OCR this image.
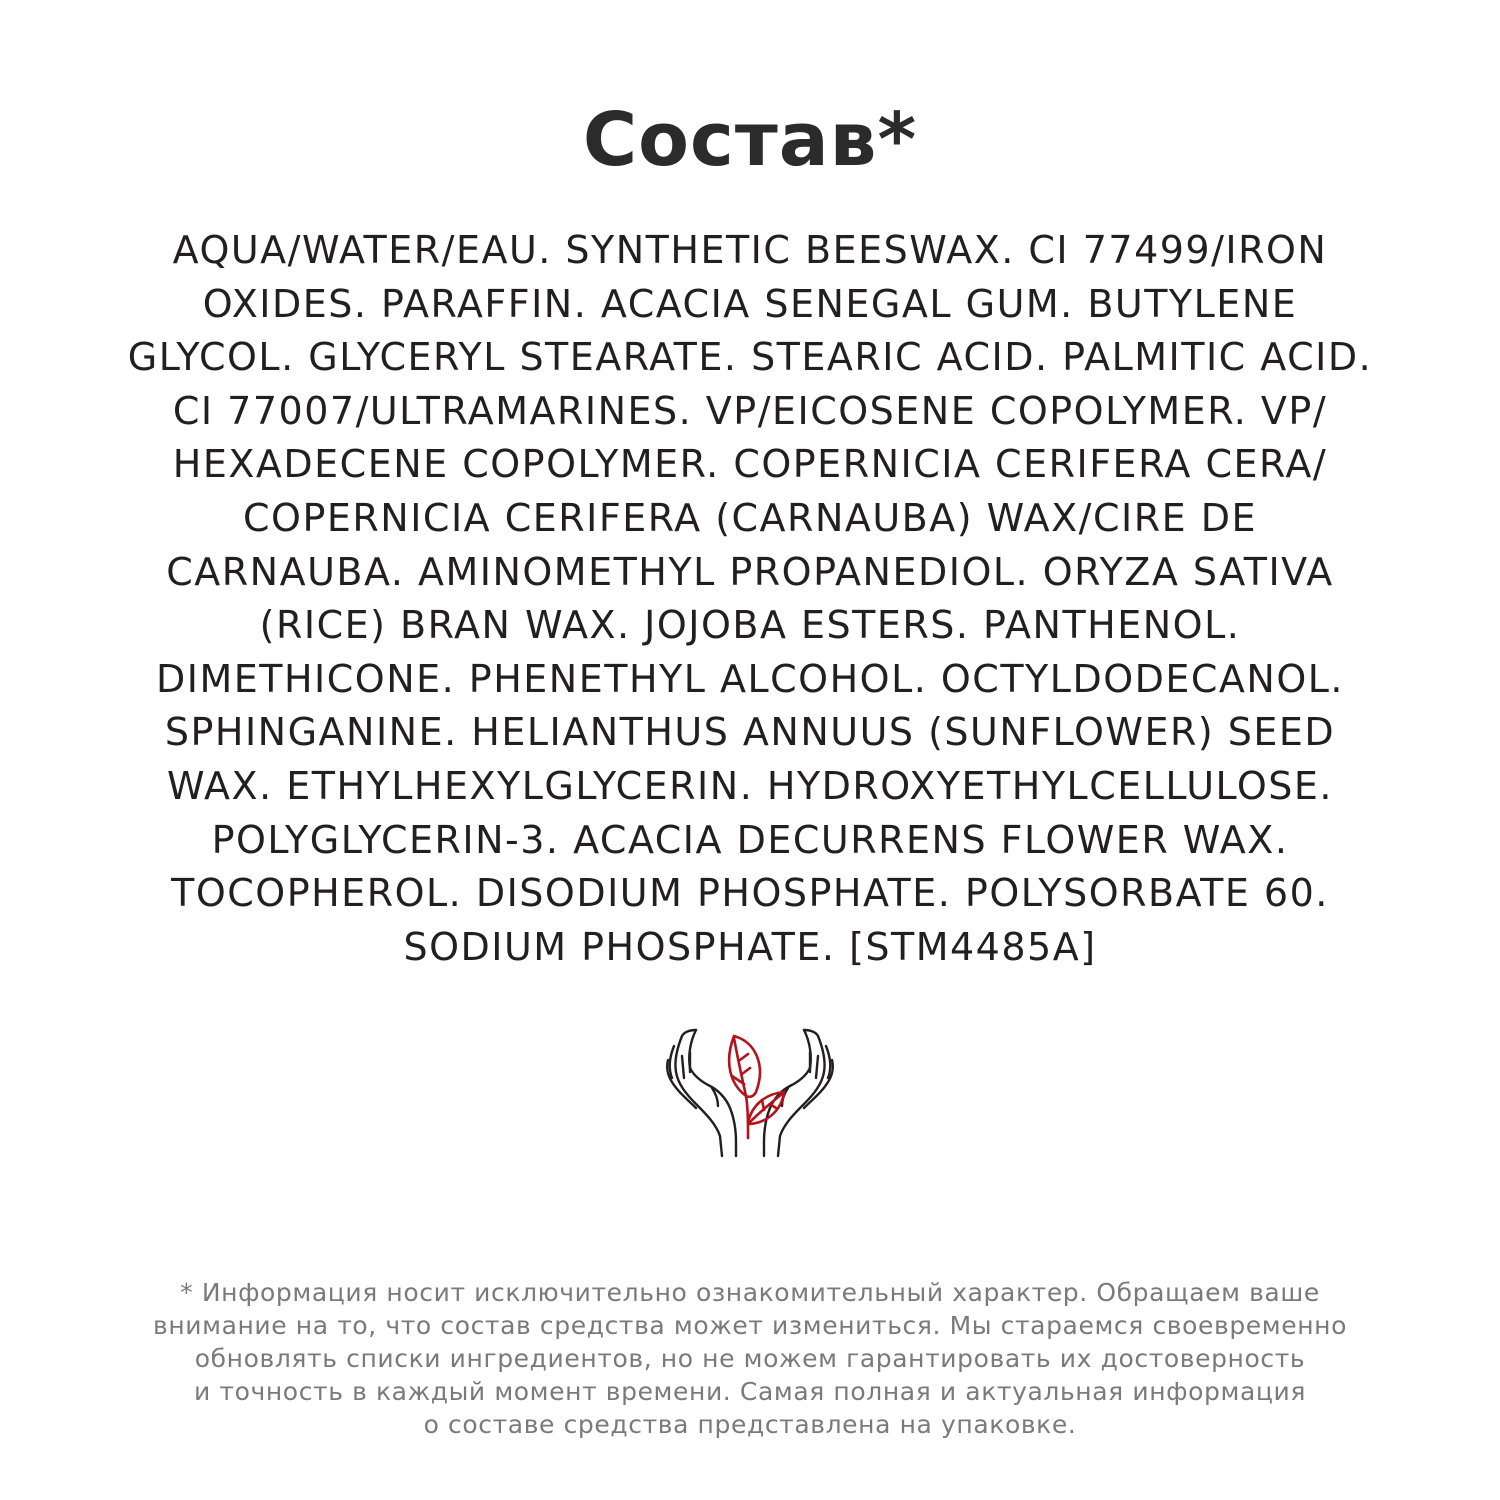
Состав*
AQUA/WATER/EAU. SYNTHETIC BEESWAX. CI 77499/IRON
OXIDES. PARAFFIN. ACACIA SENEGAL GUM. BUTYLENE
GLYCOL. GLYCERYL STEARATE. STEARIC ACID. PALMITIC ACID.
CI 77007/ULTRAMARINES. VP/EICOSENE COPOLYMER. VP/
HEXADECENE COPOLYMER. COPERNICIA CERIFERA CERA/
COPERNICIA CERIFERA (CARNAUBA) WAX/CIRE DE
CARNAUBA. AMINOMETHYL PROPANEDIOL. ORYZA SATIVA
(RICE) BRAN WAX. JOJOBA ESTERS. PANTHENOL.
DIMETHICONE. PHENETHYL ALCOHOL. OCTYLDODECANOL.
SPHINGANINE. HELIANTHUS ANNUUS (SUNFLOWER) SEED
WAX. ETHYLHEXYLGLYCERIN. HYDROXYETHYLCELLULOSE.
POLYGLYCERIN-3. ACACIA DECURRENS FLOWER WAX.
TOCOPHEROL. DISODIUM PHOSPHATE. POLYSORBATE 60.
SODIUM PHOSPHATE. [STM4485A]
* Информация носит исключительно ознакомительный характер. Обращаем ваше
внимание на то, что состав средства может измениться. Мы стараемся своевременно
обновлять списки ингредиентов, но не можем гарантировать их достоверность
и точность в каждый момент времени. Самая полная и актуальная информация
о составе средства представлена на упаковке.
